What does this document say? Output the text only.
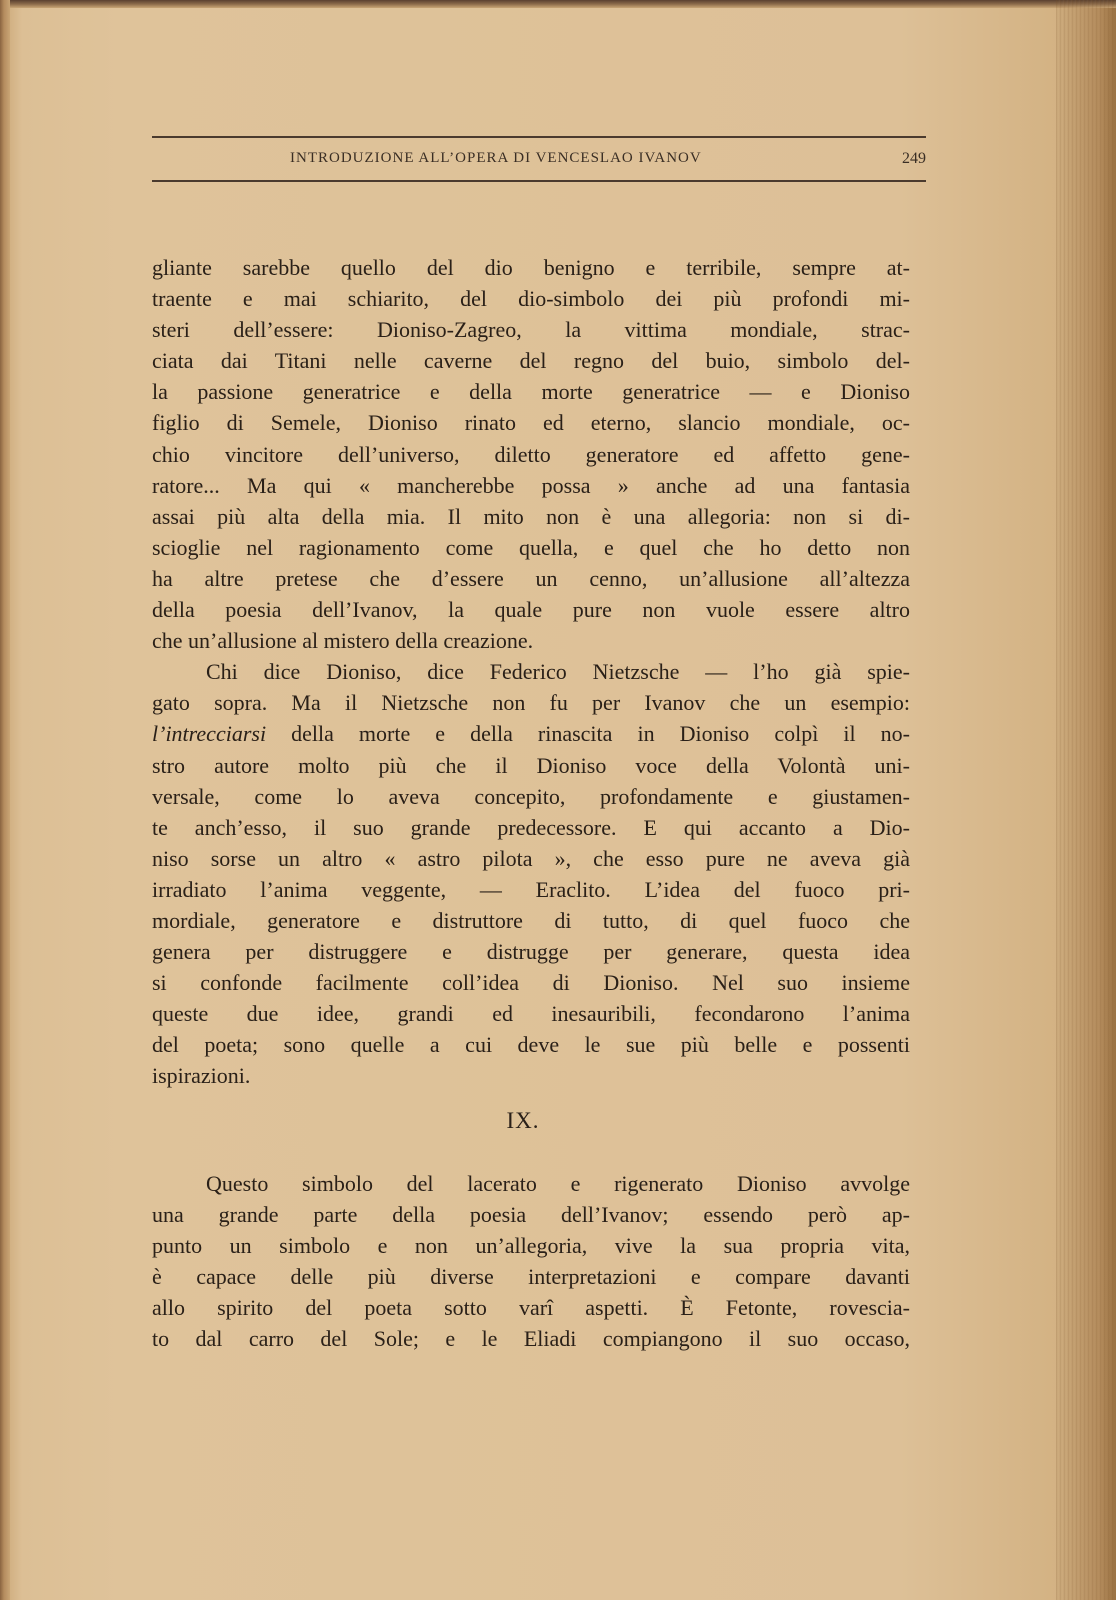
INTRODUZIONE ALL’OPERA DI VENCESLAO IVANOV	249
gliante sarebbe quello del dio benigno e terribile, sempre at-
traente e mai schiarito, del dio-simbolo dei più profondi mi-
steri dell’essere: Dioniso-Zagreo, la vittima mondiale, strac-
ciata dai Titani nelle caverne del regno del buio, simbolo del-
la passione generatrice e della morte generatrice — e Dioniso
figlio di Semele, Dioniso rinato ed eterno, slancio mondiale, oc-
chio vincitore dell’universo, diletto generatore ed affetto gene-
ratore... Ma qui « mancherebbe possa » anche ad una fantasia
assai più alta della mia. Il mito non è una allegoria: non si di-
scioglie nel ragionamento come quella, e quel che ho detto non
ha altre pretese che d’essere un cenno, un’allusione all’altezza
della poesia dell’Ivanov, la quale pure non vuole essere altro
che un’allusione al mistero della creazione.
Chi dice Dioniso, dice Federico Nietzsche — l’ho già spie-
gato sopra. Ma il Nietzsche non fu per Ivanov che un esempio:
l’intrecciarsi della morte e della rinascita in Dioniso colpì il no-
stro autore molto più che il Dioniso voce della Volontà uni-
versale, come lo aveva concepito, profondamente e giustamen-
te anch’esso, il suo grande predecessore. E qui accanto a Dio-
niso sorse un altro « astro pilota », che esso pure ne aveva già
irradiato l’anima veggente, — Eraclito. L’idea del fuoco pri-
mordiale, generatore e distruttore di tutto, di quel fuoco che
genera per distruggere e distrugge per generare, questa idea
si confonde facilmente coll’idea di Dioniso. Nel suo insieme
queste due idee, grandi ed inesauribili, fecondarono l’anima
del poeta; sono quelle a cui deve le sue più belle e possenti
ispirazioni.
IX.
Questo simbolo del lacerato e rigenerato Dioniso avvolge
una grande parte della poesia dell’Ivanov; essendo però ap-
punto un simbolo e non un’allegoria, vive la sua propria vita,
è capace delle più diverse interpretazioni e compare davanti
allo spirito del poeta sotto varî aspetti. È Fetonte, rovescia-
to dal carro del Sole; e le Eliadi compiangono il suo occaso,
